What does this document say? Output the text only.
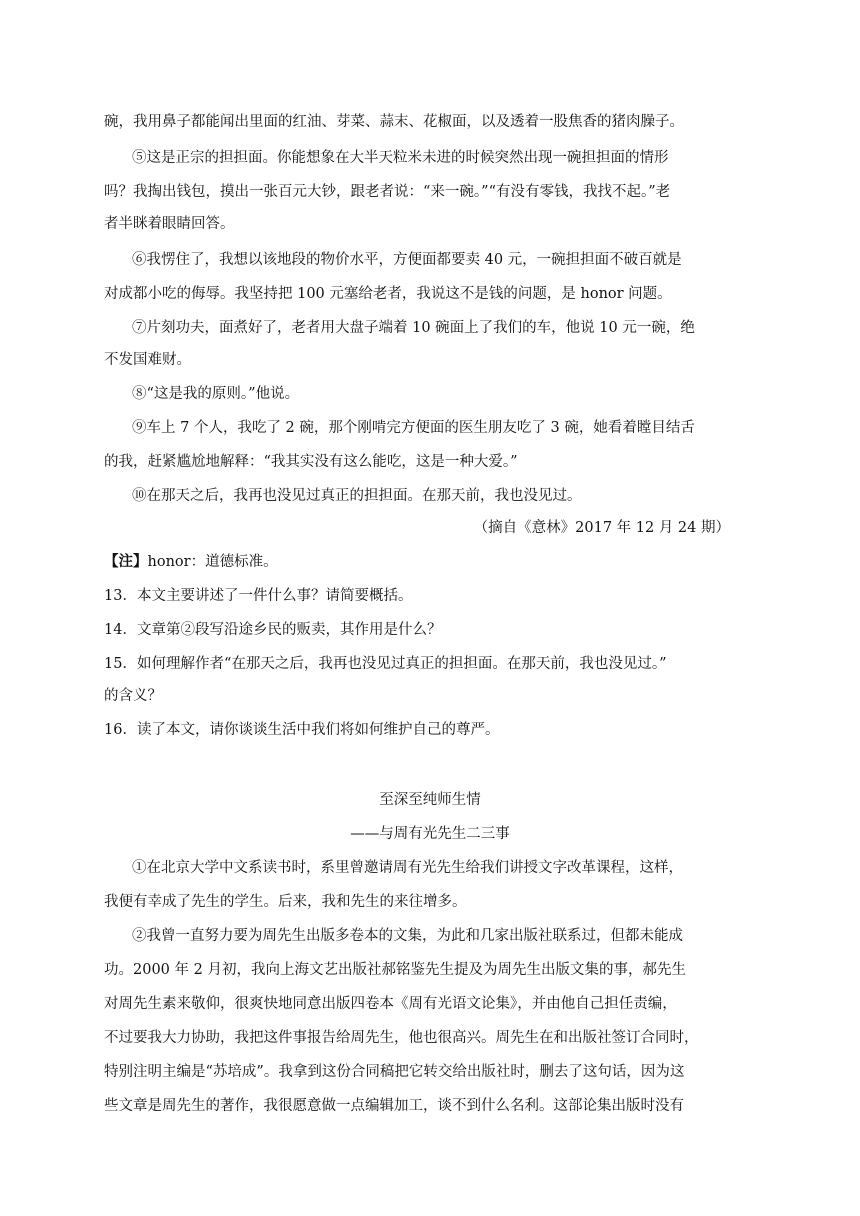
碗，我用鼻子都能闻出里面的红油、芽菜、蒜末、花椒面，以及透着一股焦香的猪肉臊子。
⑤这是正宗的担担面。你能想象在大半天粒米未进的时候突然出现一碗担担面的情形
吗？我掏出钱包，摸出一张百元大钞，跟老者说：“来一碗。”“有没有零钱，我找不起。”老
者半眯着眼睛回答。
⑥我愣住了，我想以该地段的物价水平，方便面都要卖 40 元，一碗担担面不破百就是
对成都小吃的侮辱。我坚持把 100 元塞给老者，我说这不是钱的问题，是 honor 问题。
⑦片刻功夫，面煮好了，老者用大盘子端着 10 碗面上了我们的车，他说 10 元一碗，绝
不发国难财。
⑧“这是我的原则。”他说。
⑨车上 7 个人，我吃了 2 碗，那个刚啃完方便面的医生朋友吃了 3 碗，她看着瞠目结舌
的我，赶紧尴尬地解释：“我其实没有这么能吃，这是一种大爱。”
⑩在那天之后，我再也没见过真正的担担面。在那天前，我也没见过。
（摘自《意林》2017 年 12 月 24 期）
【注】honor：道德标准。
13．本文主要讲述了一件什么事？请简要概括。
14．文章第②段写沿途乡民的贩卖，其作用是什么？
15．如何理解作者“在那天之后，我再也没见过真正的担担面。在那天前，我也没见过。”
的含义？
16．读了本文，请你谈谈生活中我们将如何维护自己的尊严。
至深至纯师生情
——与周有光先生二三事
①在北京大学中文系读书时，系里曾邀请周有光先生给我们讲授文字改革课程，这样，
我便有幸成了先生的学生。后来，我和先生的来往增多。
②我曾一直努力要为周先生出版多卷本的文集，为此和几家出版社联系过，但都未能成
功。2000 年 2 月初，我向上海文艺出版社郝铭鉴先生提及为周先生出版文集的事，郝先生
对周先生素来敬仰，很爽快地同意出版四卷本《周有光语文论集》，并由他自己担任责编，
不过要我大力协助，我把这件事报告给周先生，他也很高兴。周先生在和出版社签订合同时，
特别注明主编是“苏培成”。我拿到这份合同稿把它转交给出版社时，删去了这句话，因为这
些文章是周先生的著作，我很愿意做一点编辑加工，谈不到什么名利。这部论集出版时没有
